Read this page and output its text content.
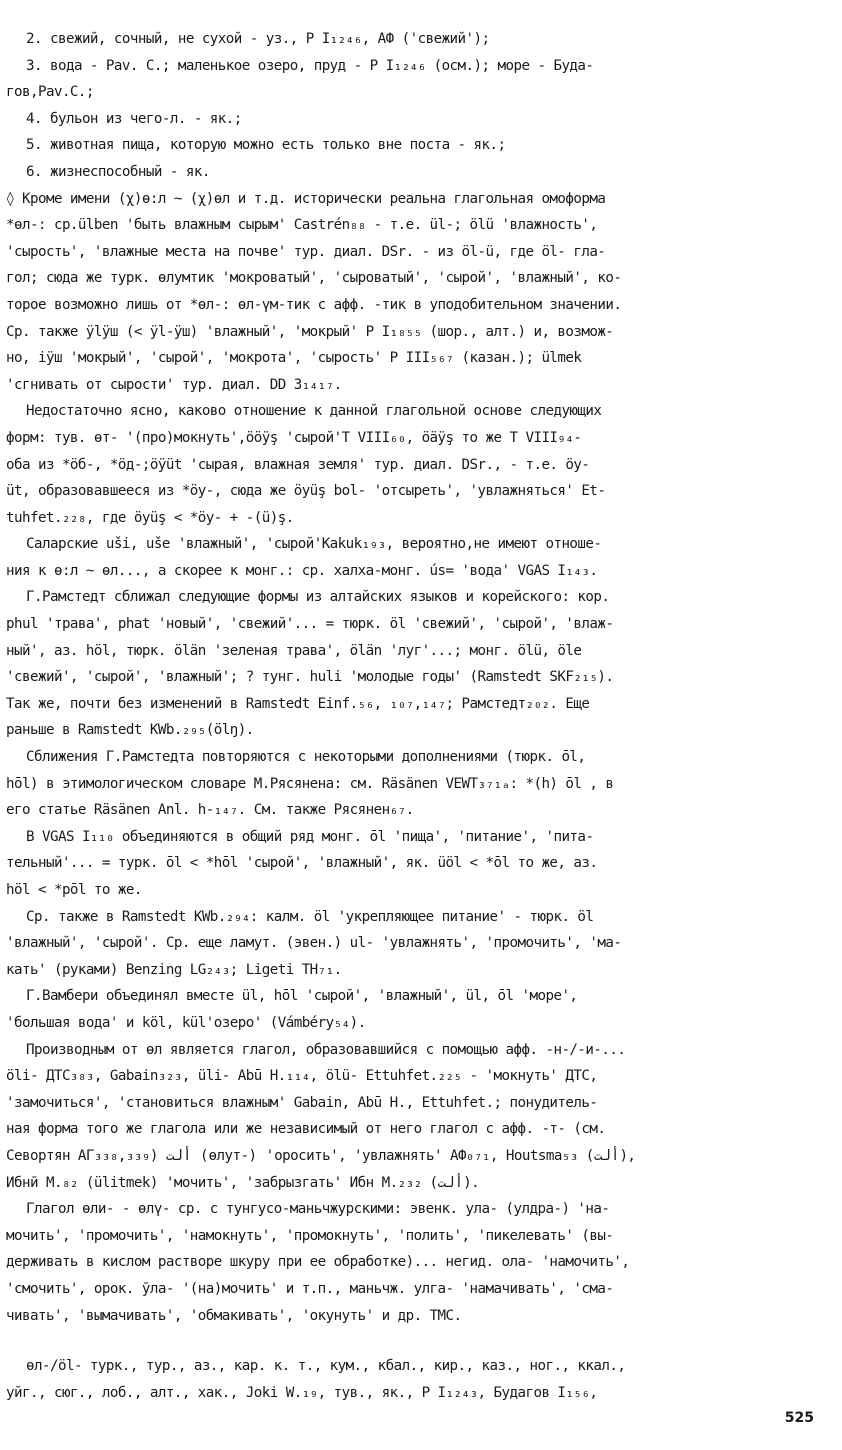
2. свежий, сочный, не сухой - уз., Р I₁₂₄₆, АФ ('свежий');
3. вода - Pav. C.; маленькое озеро, пруд - Р I₁₂₄₆ (осм.); море - Буда-
гов,Pav.C.;
4. бульон из чего-л. - як.;
5. животная пища, которую можно есть только вне поста - як.;
6. жизнеспособный - як.
◊ Кроме имени (χ)ө:л ~ (χ)өл и т.д. исторически реальна глагольная омоформа
*өл-: ср.ülben 'быть влажным сырым' Castrén₈₈ - т.е. ül-; ölü 'влажность',
'сырость', 'влажные места на почве' тур. диал. DSr. - из öl-ü, где öl- гла-
гол; сюда же турк. өлумтик 'мокроватый', 'сыроватый', 'сырой', 'влажный', ко-
торое возможно лишь от *өл-: өл-үм-тик с афф. -тик в уподобительном значении.
Ср. также ӱlӱш (< ӱl-ӱш) 'влажный', 'мокрый' Р I₁₈₅₅ (шор., алт.) и, возмож-
но, іӱш 'мокрый', 'сырой', 'мокрота', 'сырость' Р III₅₆₇ (казан.); ülmek
'сгнивать от сырости' тур. диал. DD 3₁₄₁₇.
Недостаточно ясно, каково отношение к данной глагольной основе следующих
форм: тув. өт- '(про)мокнуть',öӧӱş 'сырой'Т VIII₆₀, öӓӱş то же Т VIII₉₄-
оба из *öб-, *öд-;öӱüt 'сырая, влажная земля' тур. диал. DSr., - т.е. öу-
üt, образовавшееся из *öу-, сюда же öyüş bol- 'отсыреть', 'увлажняться' Et-
tuhfet.₂₂₈, где öyüş < *öу- + -(ü)ş.
Саларские uši, uše 'влажный', 'сырой'Kakuk₁₉₃, вероятно,не имеют отноше-
ния к ө:л ~ өл..., а скорее к монг.: ср. халха-монг. ús= 'вода' VGAS I₁₄₃.
Г.Рамстедт сближал следующие формы из алтайских языков и корейского: кор.
phul 'трава', phat 'новый', 'свежий'... = тюрк. öl 'свежий', 'сырой', 'влаж-
ный', аз. höl, тюрк. ölän 'зеленая трава', ölän 'луг'...; монг. ölü, öle
'свежий', 'сырой', 'влажный'; ? тунг. huli 'молодые годы' (Ramstedt SKF₂₁₅).
Так же, почти без изменений в Ramstedt Einf.₅₆, ₁₀₇,₁₄₇; Рамстедт₂₀₂. Еще
раньше в Ramstedt KWb.₂₉₅(ölŋ).
Сближения Г.Рамстедта повторяются с некоторыми дополнениями (тюрк. ōl,
hōl) в этимологическом словаре М.Рясянена: см. Räsänen VEWT₃₇₁ₐ: *(h) ōl , в
его статье Räsänen Anl. h-₁₄₇. См. также Рясянен₆₇.
В VGAS I₁₁₀ объединяются в общий ряд монг. ōl 'пища', 'питание', 'пита-
тельный'... = турк. ōl < *hōl 'сырой', 'влажный', як. üöl < *ōl то же, аз.
höl < *pōl то же.
Ср. также в Ramstedt KWb.₂₉₄: калм. öl 'укрепляющее питание' - тюрк. öl
'влажный', 'сырой'. Ср. еще ламут. (эвен.) ul- 'увлажнять', 'промочить', 'ма-
кать' (руками) Benzing LG₂₄₃; Ligeti TH₇₁.
Г.Вамбери объединял вместе ül, hōl 'сырой', 'влажный', ül, ōl 'море',
'большая вода' и köl, kül'озеро' (Vámbéry₅₄).
Производным от өл является глагол, образовавшийся с помощью афф. -н-/-и-...
öli- ДТС₃₈₃, Gabain₃₂₃, üli- Abū H.₁₁₄, ölü- Ettuhfet.₂₂₅ - 'мокнуть' ДТС,
'замочиться', 'становиться влажным' Gabain, Abū H., Ettuhfet.; понудитель-
ная форма того же глагола или же независимый от него глагол с афф. -т- (см.
Севортян АГ₃₃₈,₃₃₉) ألت (өлут-) 'оросить', 'увлажнять' АФ₀₇₁, Houtsma₅₃ (ألت),
Ибнӣ М.₈₂ (ülitmek) 'мочить', 'забрызгать' Ибн М.₂₃₂ (ألت).
Глагол өли- - өлү- ср. с тунгусо-маньчжурскими: эвенк. улa- (улдра-) 'на-
мочить', 'промочить', 'намокнуть', 'промокнуть', 'полить', 'пикелевать' (вы-
держивать в кислом растворе шкуру при ее обработке)... негид. олa- 'намочить',
'смочить', орок. ӯлa- '(на)мочить' и т.п., маньчж. улгa- 'намачивать', 'сма-
чивать', 'вымачивать', 'обмакивать', 'окунуть' и др. ТМС.
өл-/öl- турк., тур., аз., кар. к. т., кум., кбал., кир., каз., ног., ккал.,
уйг., сюг., лоб., алт., хак., Joki W.₁₉, тув., як., Р I₁₂₄₃, Будагов I₁₅₆,
525
